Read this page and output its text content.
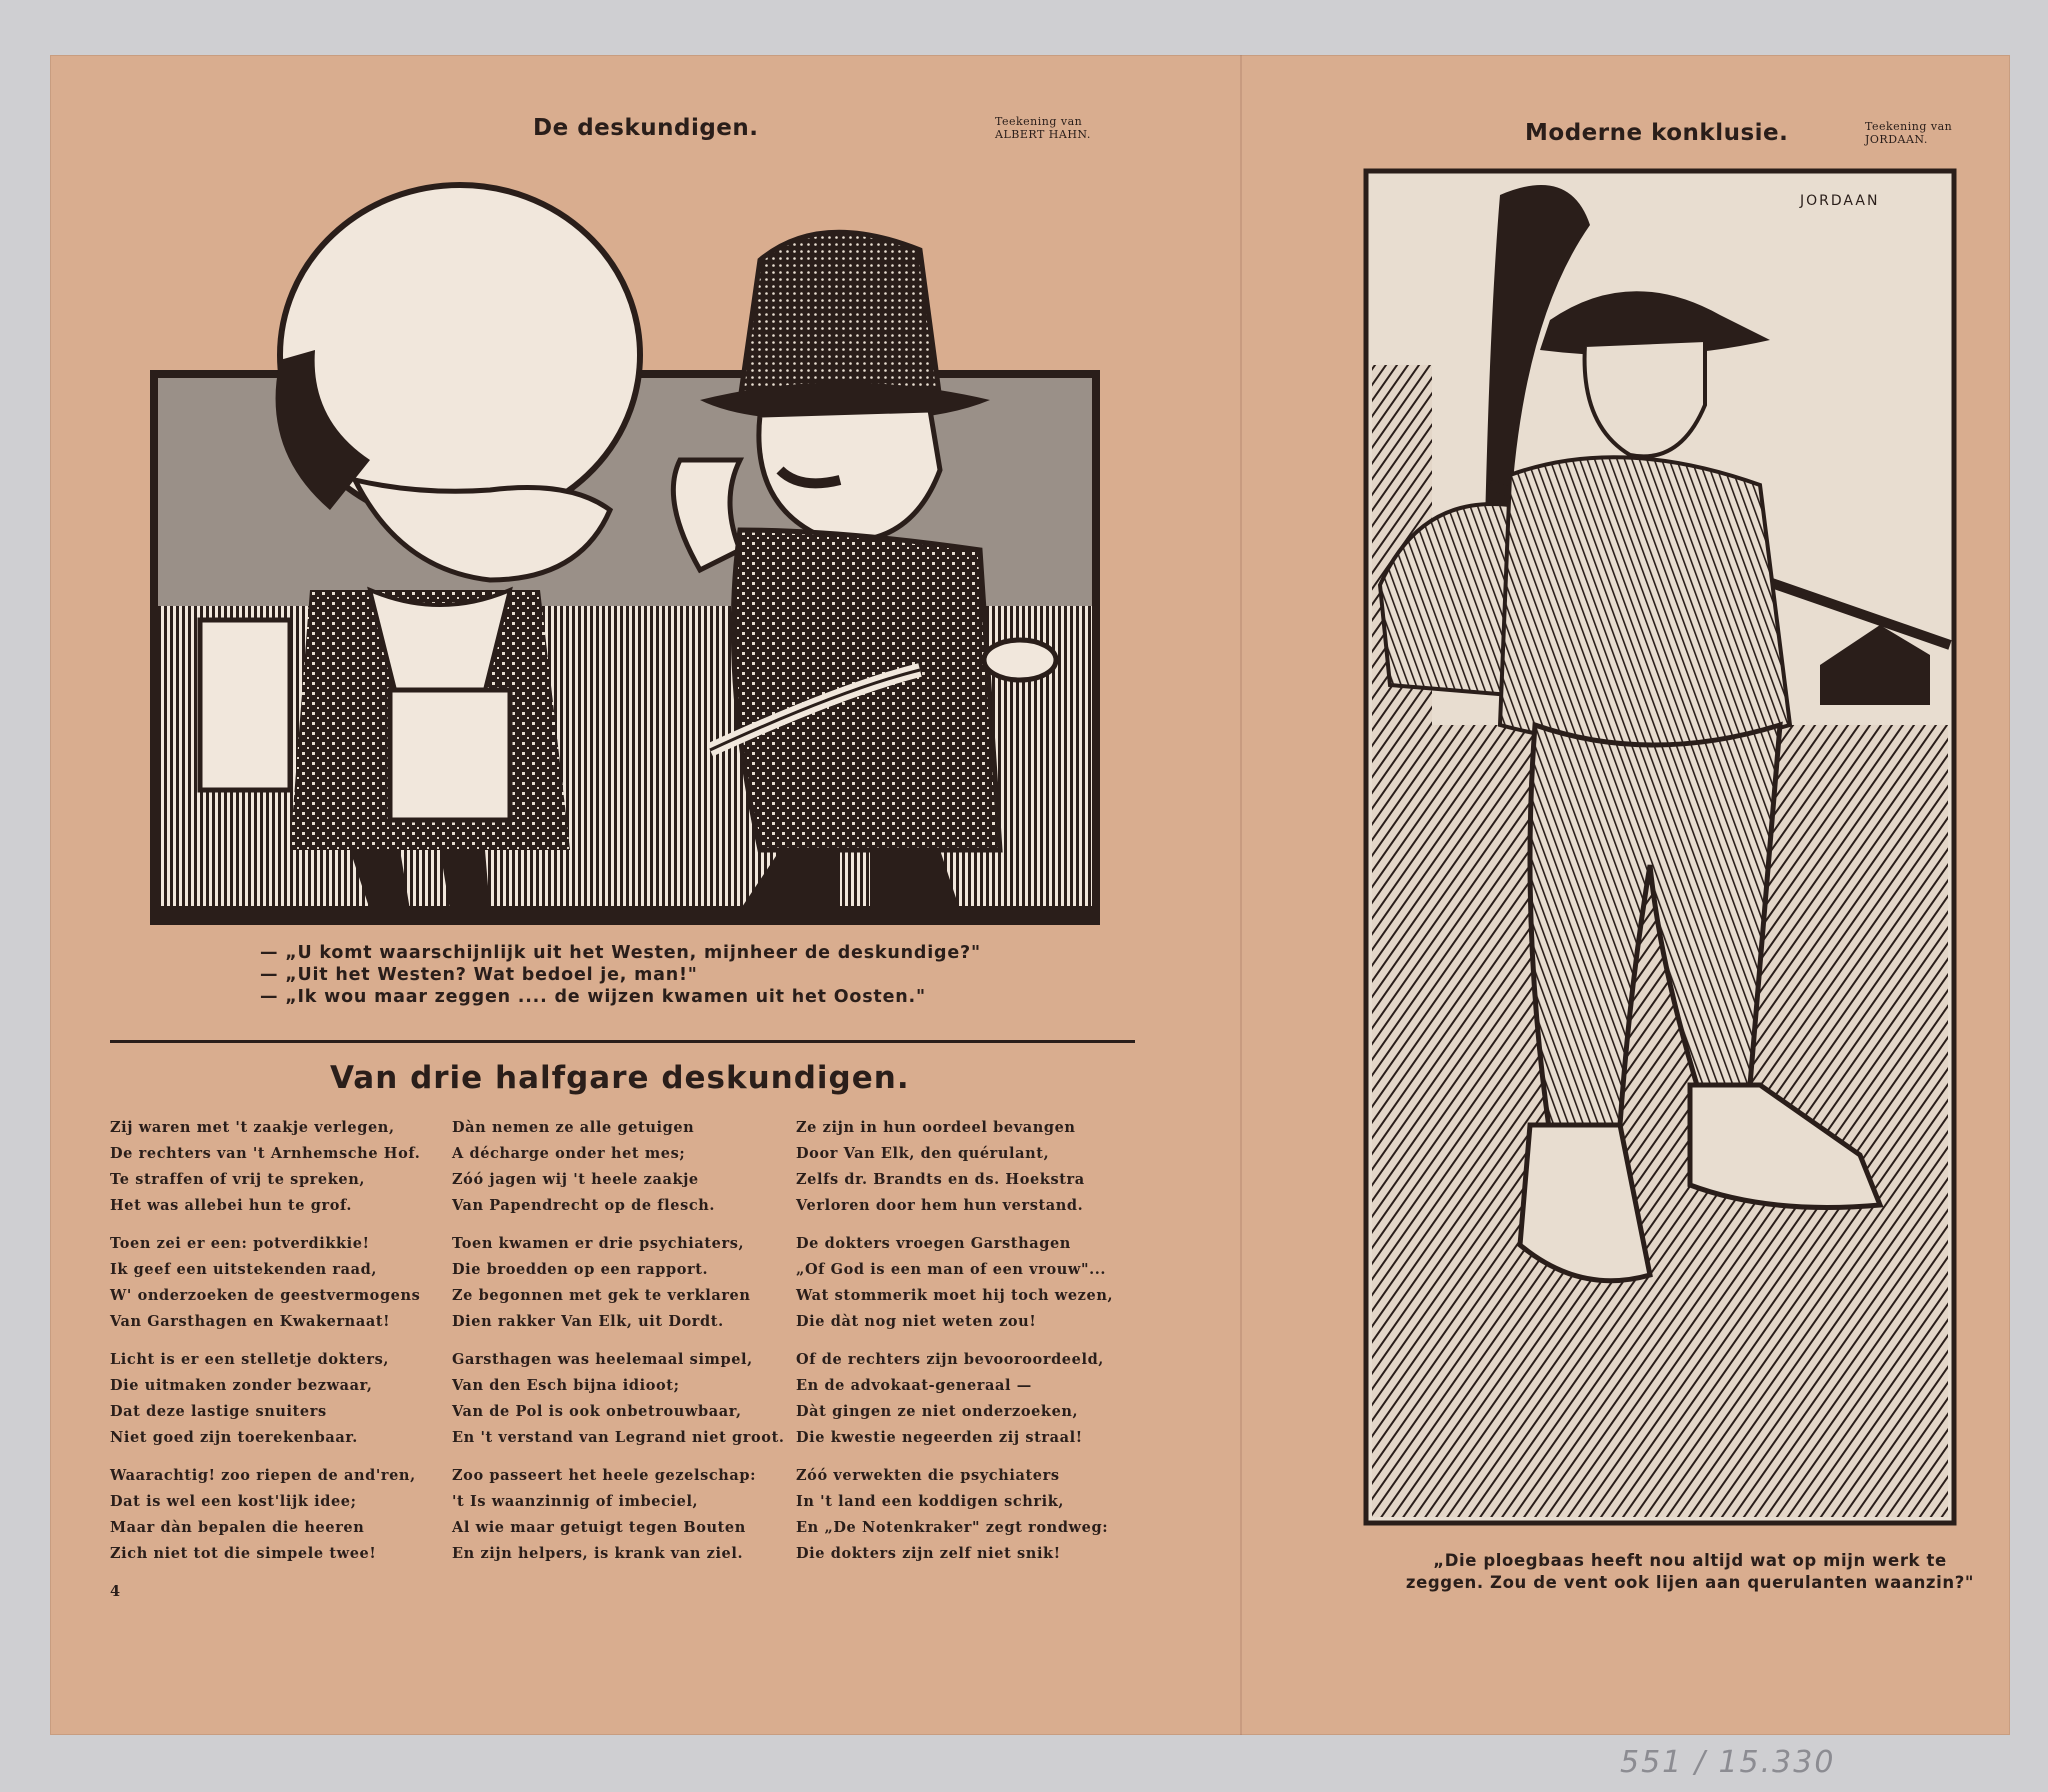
De deskundigen.	Teekening van
ALBERT HAHN.
— „U komt waarschijnlijk uit het Westen, mijnheer de deskundige?"
— „Uit het Westen? Wat bedoel je, man!"
— „Ik wou maar zeggen .... de wijzen kwamen uit het Oosten."
Van drie halfgare deskundigen.
Zij waren met 't zaakje verlegen,
De rechters van 't Arnhemsche Hof.
Te straffen of vrij te spreken,
Het was allebei hun te grof.
Toen zei er een: potverdikkie!
Ik geef een uitstekenden raad,
W' onderzoeken de geestvermogens
Van Garsthagen en Kwakernaat!
Licht is er een stelletje dokters,
Die uitmaken zonder bezwaar,
Dat deze lastige snuiters
Niet goed zijn toerekenbaar.
Waarachtig! zoo riepen de and'ren,
Dat is wel een kost'lijk idee;
Maar dàn bepalen die heeren
Zich niet tot die simpele twee!
4
Dàn nemen ze alle getuigen
A décharge onder het mes;
Zóó jagen wij 't heele zaakje
Van Papendrecht op de flesch.
Toen kwamen er drie psychiaters,
Die broedden op een rapport.
Ze begonnen met gek te verklaren
Dien rakker Van Elk, uit Dordt.
Garsthagen was heelemaal simpel,
Van den Esch bijna idioot;
Van de Pol is ook onbetrouwbaar,
En 't verstand van Legrand niet groot.
Zoo passeert het heele gezelschap:
't Is waanzinnig of imbeciel,
Al wie maar getuigt tegen Bouten
En zijn helpers, is krank van ziel.
Ze zijn in hun oordeel bevangen
Door Van Elk, den quérulant,
Zelfs dr. Brandts en ds. Hoekstra
Verloren door hem hun verstand.
De dokters vroegen Garsthagen
„Of God is een man of een vrouw"...
Wat stommerik moet hij toch wezen,
Die dàt nog niet weten zou!
Of de rechters zijn bevooroordeeld,
En de advokaat-generaal —
Dàt gingen ze niet onderzoeken,
Die kwestie negeerden zij straal!
Zóó verwekten die psychiaters
In 't land een koddigen schrik,
En „De Notenkraker" zegt rondweg:
Die dokters zijn zelf niet snik!
Moderne konklusie.	Teekening van
JORDAAN.
JORDAAN
„Die ploegbaas heeft nou altijd wat op mijn werk te
zeggen. Zou de vent ook lijen aan querulanten waanzin?"
551 / 15.330
